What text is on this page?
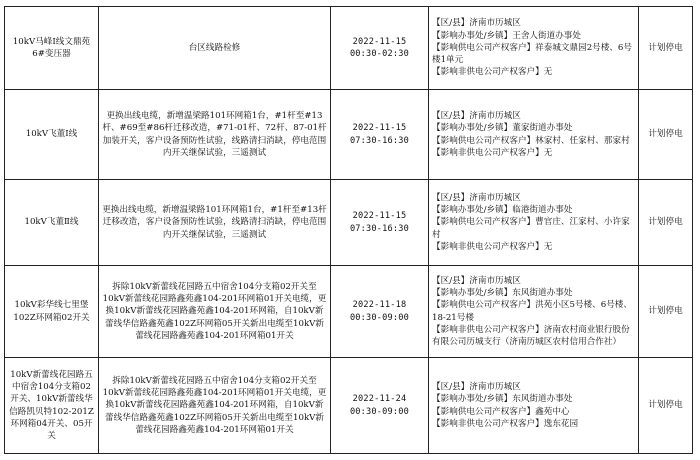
10kV马峰Ⅰ线文鼎苑6#变压器	台区线路检修	2022-11-15
00:30-02:30	【区/县】济南市历城区
【影响办事处/乡镇】王舍人街道办事处
【影响供电公司产权客户】祥泰城文鼎园2号楼、6号楼1单元
【影响非供电公司产权客户】无	计划停电
10kV飞董Ⅰ线	更换出线电缆，新增温梁路101环网箱1台，#1杆至#13杆、#69至#86杆迁移改造，#71-01杆、72杆、87-01杆加装开关，客户设备预防性试验，线路清扫消缺，停电范围内开关继保试验，三遥测试	2022-11-15
07:30-16:30	【区/县】济南市历城区
【影响办事处/乡镇】董家街道办事处
【影响供电公司产权客户】林家村、任家村、那家村
【影响非供电公司产权客户】无	计划停电
10kV飞董Ⅱ线	更换出线电缆，新增温梁路101环网箱1台，#1杆至#13杆迁移改造，客户设备预防性试验，线路清扫消缺，停电范围内开关继保试验，三遥测试	2022-11-15
07:30-16:30	【区/县】济南市历城区
【影响办事处/乡镇】临港街道办事处
【影响供电公司产权客户】曹官庄、江家村、小许家村
【影响非供电公司产权客户】无	计划停电
10kV彩华线七里堡102Z环网箱02开关	拆除10kV新蕾线花园路五中宿舍104分支箱02开关至10kV新蕾线花园路鑫苑鑫104-201环网箱01开关电缆，更换10kV新蕾线花园路鑫苑鑫104-201环网箱，自10kV新蕾线华信路鑫苑鑫102Z环网箱05开关新出电缆至10kV新蕾线花园路鑫苑鑫104-201环网箱01开关	2022-11-18
00:30-09:00	【区/县】济南市历城区
【影响办事处/乡镇】东风街道办事处
【影响供电公司产权客户】洪苑小区5号楼、6号楼、18-21号楼
【影响非供电公司产权客户】济南农村商业银行股份有限公司历城支行（济南历城区农村信用合作社）	计划停电
10kV新蕾线花园路五中宿舍104分支箱02开关、10kV新蕾线华信路凯贝特102-201Z环网箱04开关、05开关	拆除10kV新蕾线花园路五中宿舍104分支箱02开关至10kV新蕾线花园路鑫苑鑫104-201环网箱01开关电缆，更换10kV新蕾线花园路鑫苑鑫104-201环网箱，自10kV新蕾线华信路鑫苑鑫102Z环网箱05开关新出电缆至10kV新蕾线花园路鑫苑鑫104-201环网箱01开关	2022-11-24
00:30-09:00	【区/县】济南市历城区
【影响办事处/乡镇】东风街道办事处
【影响供电公司产权客户】鑫苑中心
【影响非供电公司产权客户】逸东花园	计划停电
